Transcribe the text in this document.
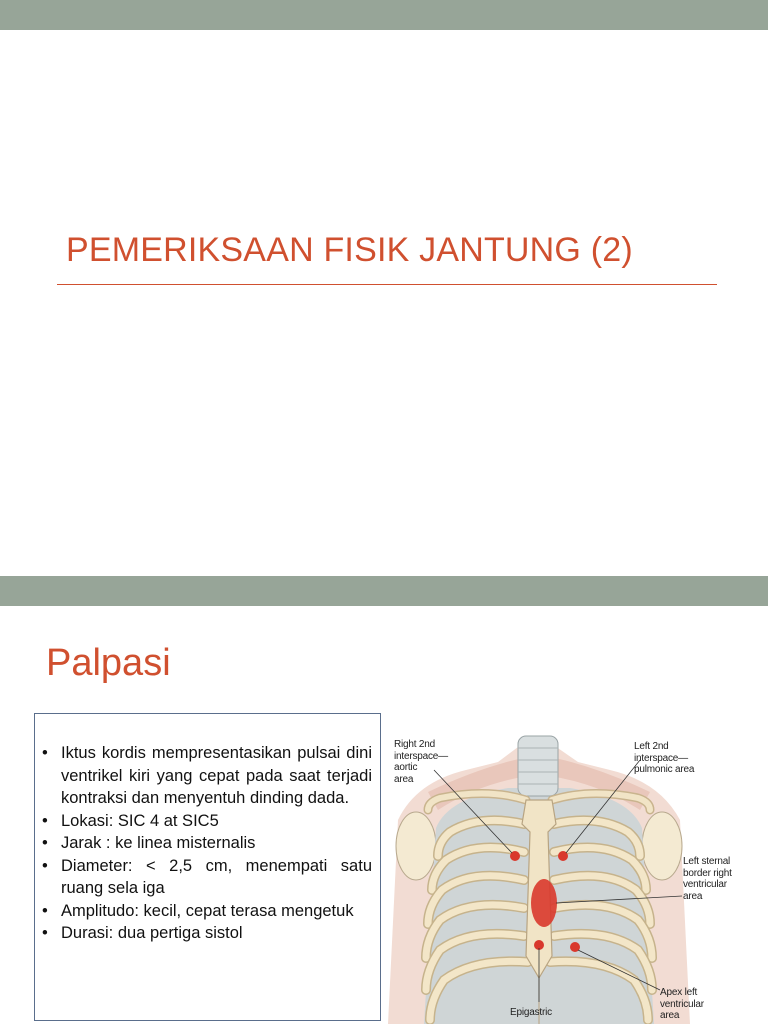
PEMERIKSAAN FISIK JANTUNG (2)
Palpasi
• Iktus kordis mempresentasikan pulsai dini ventrikel kiri yang cepat pada saat terjadi kontraksi dan menyentuh dinding dada.
• Lokasi: SIC 4 at SIC5
• Jarak : ke linea misternalis
• Diameter: < 2,5 cm, menempati satu ruang sela iga
• Amplitudo: kecil, cepat terasa mengetuk
• Durasi: dua pertiga sistol
Right 2nd
interspace—
aortic
area
Left 2nd
interspace—
pulmonic area
Left sternal
border right
ventricular
area
Apex left
ventricular
area
Epigastric
